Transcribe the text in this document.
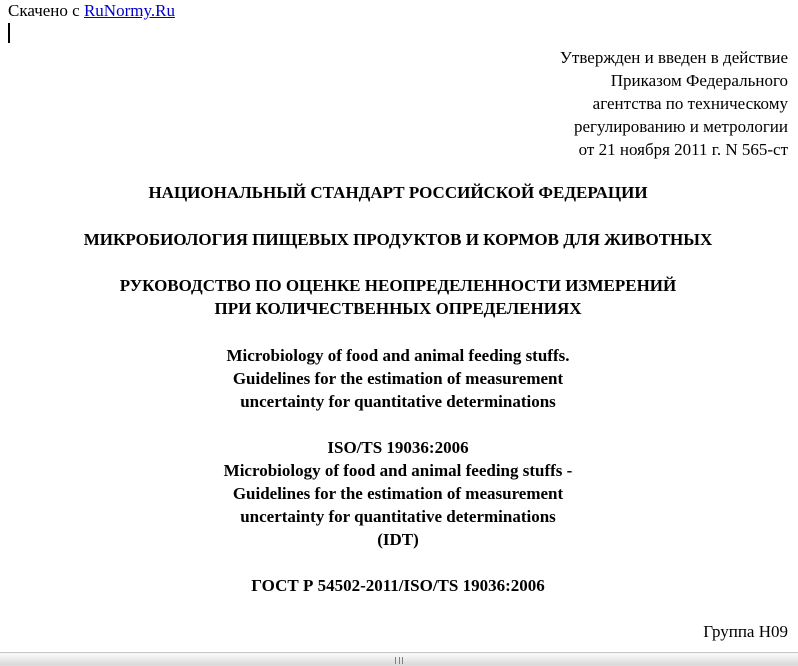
Скачено с RuNormy.Ru
Утвержден и введен в действие
Приказом Федерального
агентства по техническому
регулированию и метрологии
от 21 ноября 2011 г. N 565-ст
НАЦИОНАЛЬНЫЙ СТАНДАРТ РОССИЙСКОЙ ФЕДЕРАЦИИ
МИКРОБИОЛОГИЯ ПИЩЕВЫХ ПРОДУКТОВ И КОРМОВ ДЛЯ ЖИВОТНЫХ
РУКОВОДСТВО ПО ОЦЕНКЕ НЕОПРЕДЕЛЕННОСТИ ИЗМЕРЕНИЙ
ПРИ КОЛИЧЕСТВЕННЫХ ОПРЕДЕЛЕНИЯХ
Microbiology of food and animal feeding stuffs.
Guidelines for the estimation of measurement
uncertainty for quantitative determinations
ISO/TS 19036:2006
Microbiology of food and animal feeding stuffs -
Guidelines for the estimation of measurement
uncertainty for quantitative determinations
(IDT)
ГОСТ Р 54502-2011/ISO/TS 19036:2006
Группа Н09
